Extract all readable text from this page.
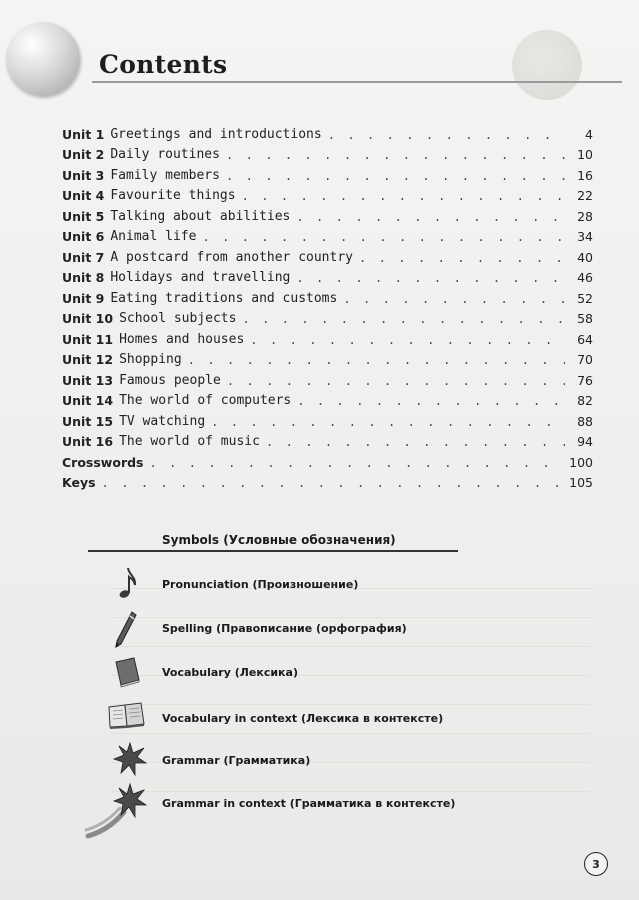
Contents
Unit 1 Greetings and introductions . . .	4
Unit 2 Daily routines . . .	10
Unit 3 Family members . . .	16
Unit 4 Favourite things . . .	22
Unit 5 Talking about abilities . . .	28
Unit 6 Animal life . . .	34
Unit 7 A postcard from another country . . .	40
Unit 8 Holidays and travelling . . .	46
Unit 9 Eating traditions and customs . . .	52
Unit 10 School subjects . . .	58
Unit 11 Homes and houses . . .	64
Unit 12 Shopping . . .	70
Unit 13 Famous people . . .	76
Unit 14 The world of computers . . .	82
Unit 15 TV watching . . .	88
Unit 16 The world of music . . .	94
Crosswords . . .	100
Keys . . .	105
Symbols (Условные обозначения)
Pronunciation (Произношение)
Spelling (Правописание (орфография)
Vocabulary (Лексика)
Vocabulary in context (Лексика в контексте)
Grammar (Грамматика)
Grammar in context (Грамматика в контексте)
3
